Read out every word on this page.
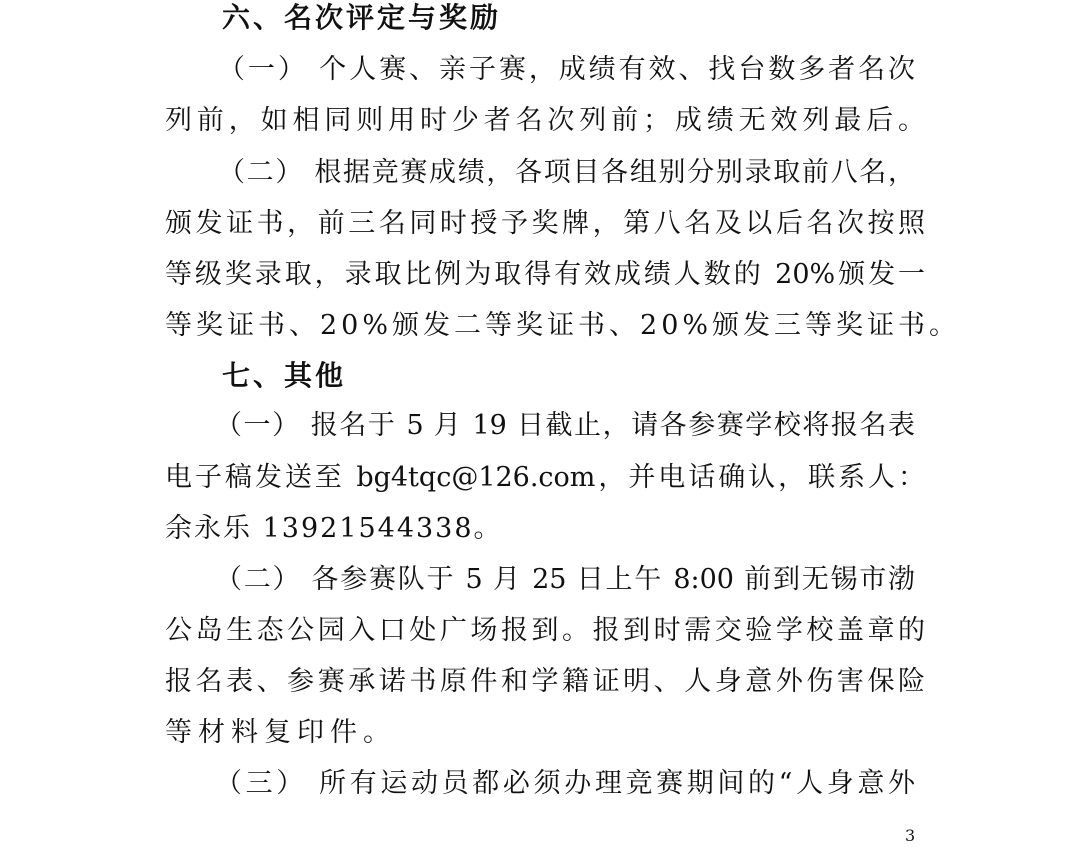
六、名次评定与奖励
（一） 个人赛、亲子赛，成绩有效、找台数多者名次
列前，如相同则用时少者名次列前；成绩无效列最后。
（二） 根据竞赛成绩，各项目各组别分别录取前八名，
颁发证书，前三名同时授予奖牌，第八名及以后名次按照
等级奖录取，录取比例为取得有效成绩人数的 20%颁发一
等奖证书、20%颁发二等奖证书、20%颁发三等奖证书。
七、其他
（一） 报名于 5 月 19 日截止，请各参赛学校将报名表
电子稿发送至 bg4tqc@126.com，并电话确认，联系人：
余永乐 13921544338。
（二） 各参赛队于 5 月 25 日上午 8:00 前到无锡市渤
公岛生态公园入口处广场报到。报到时需交验学校盖章的
报名表、参赛承诺书原件和学籍证明、人身意外伤害保险
等材料复印件。
（三） 所有运动员都必须办理竞赛期间的“人身意外
3
